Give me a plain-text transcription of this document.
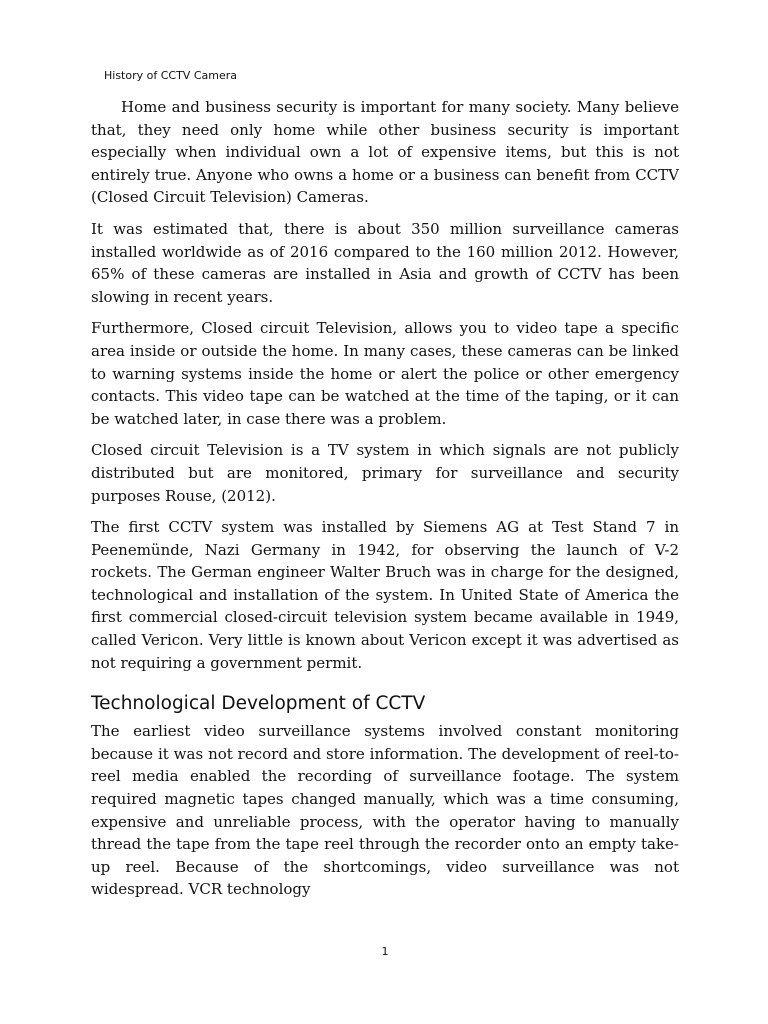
History of CCTV Camera

Home and business security is important for many society. Many believe that, they need only home while other business security is important especially when individual own a lot of expensive items, but this is not entirely true. Anyone who owns a home or a business can benefit from CCTV (Closed Circuit Television) Cameras.

It was estimated that, there is about 350 million surveillance cameras installed worldwide as of 2016 compared to the 160 million 2012. However, 65% of these cameras are installed in Asia and growth of CCTV has been slowing in recent years.

Furthermore, Closed circuit Television, allows you to video tape a specific area inside or outside the home. In many cases, these cameras can be linked to warning systems inside the home or alert the police or other emergency contacts. This video tape can be watched at the time of the taping, or it can be watched later, in case there was a problem.

Closed circuit Television is a TV system in which signals are not publicly distributed but are monitored, primary for surveillance and security purposes Rouse, (2012).

The first CCTV system was installed by Siemens AG at Test Stand 7 in Peenemünde, Nazi Germany in 1942, for observing the launch of V-2 rockets. The German engineer Walter Bruch was in charge for the designed, technological and installation of the system. In United State of America the first commercial closed-circuit television system became available in 1949, called Vericon. Very little is known about Vericon except it was advertised as not requiring a government permit.

Technological Development of CCTV

The earliest video surveillance systems involved constant monitoring because it was not record and store information. The development of reel-to-reel media enabled the recording of surveillance footage. The system required magnetic tapes changed manually, which was a time consuming, expensive and unreliable process, with the operator having to manually thread the tape from the tape reel through the recorder onto an empty take-up reel. Because of the shortcomings, video surveillance was not widespread. VCR technology

1
